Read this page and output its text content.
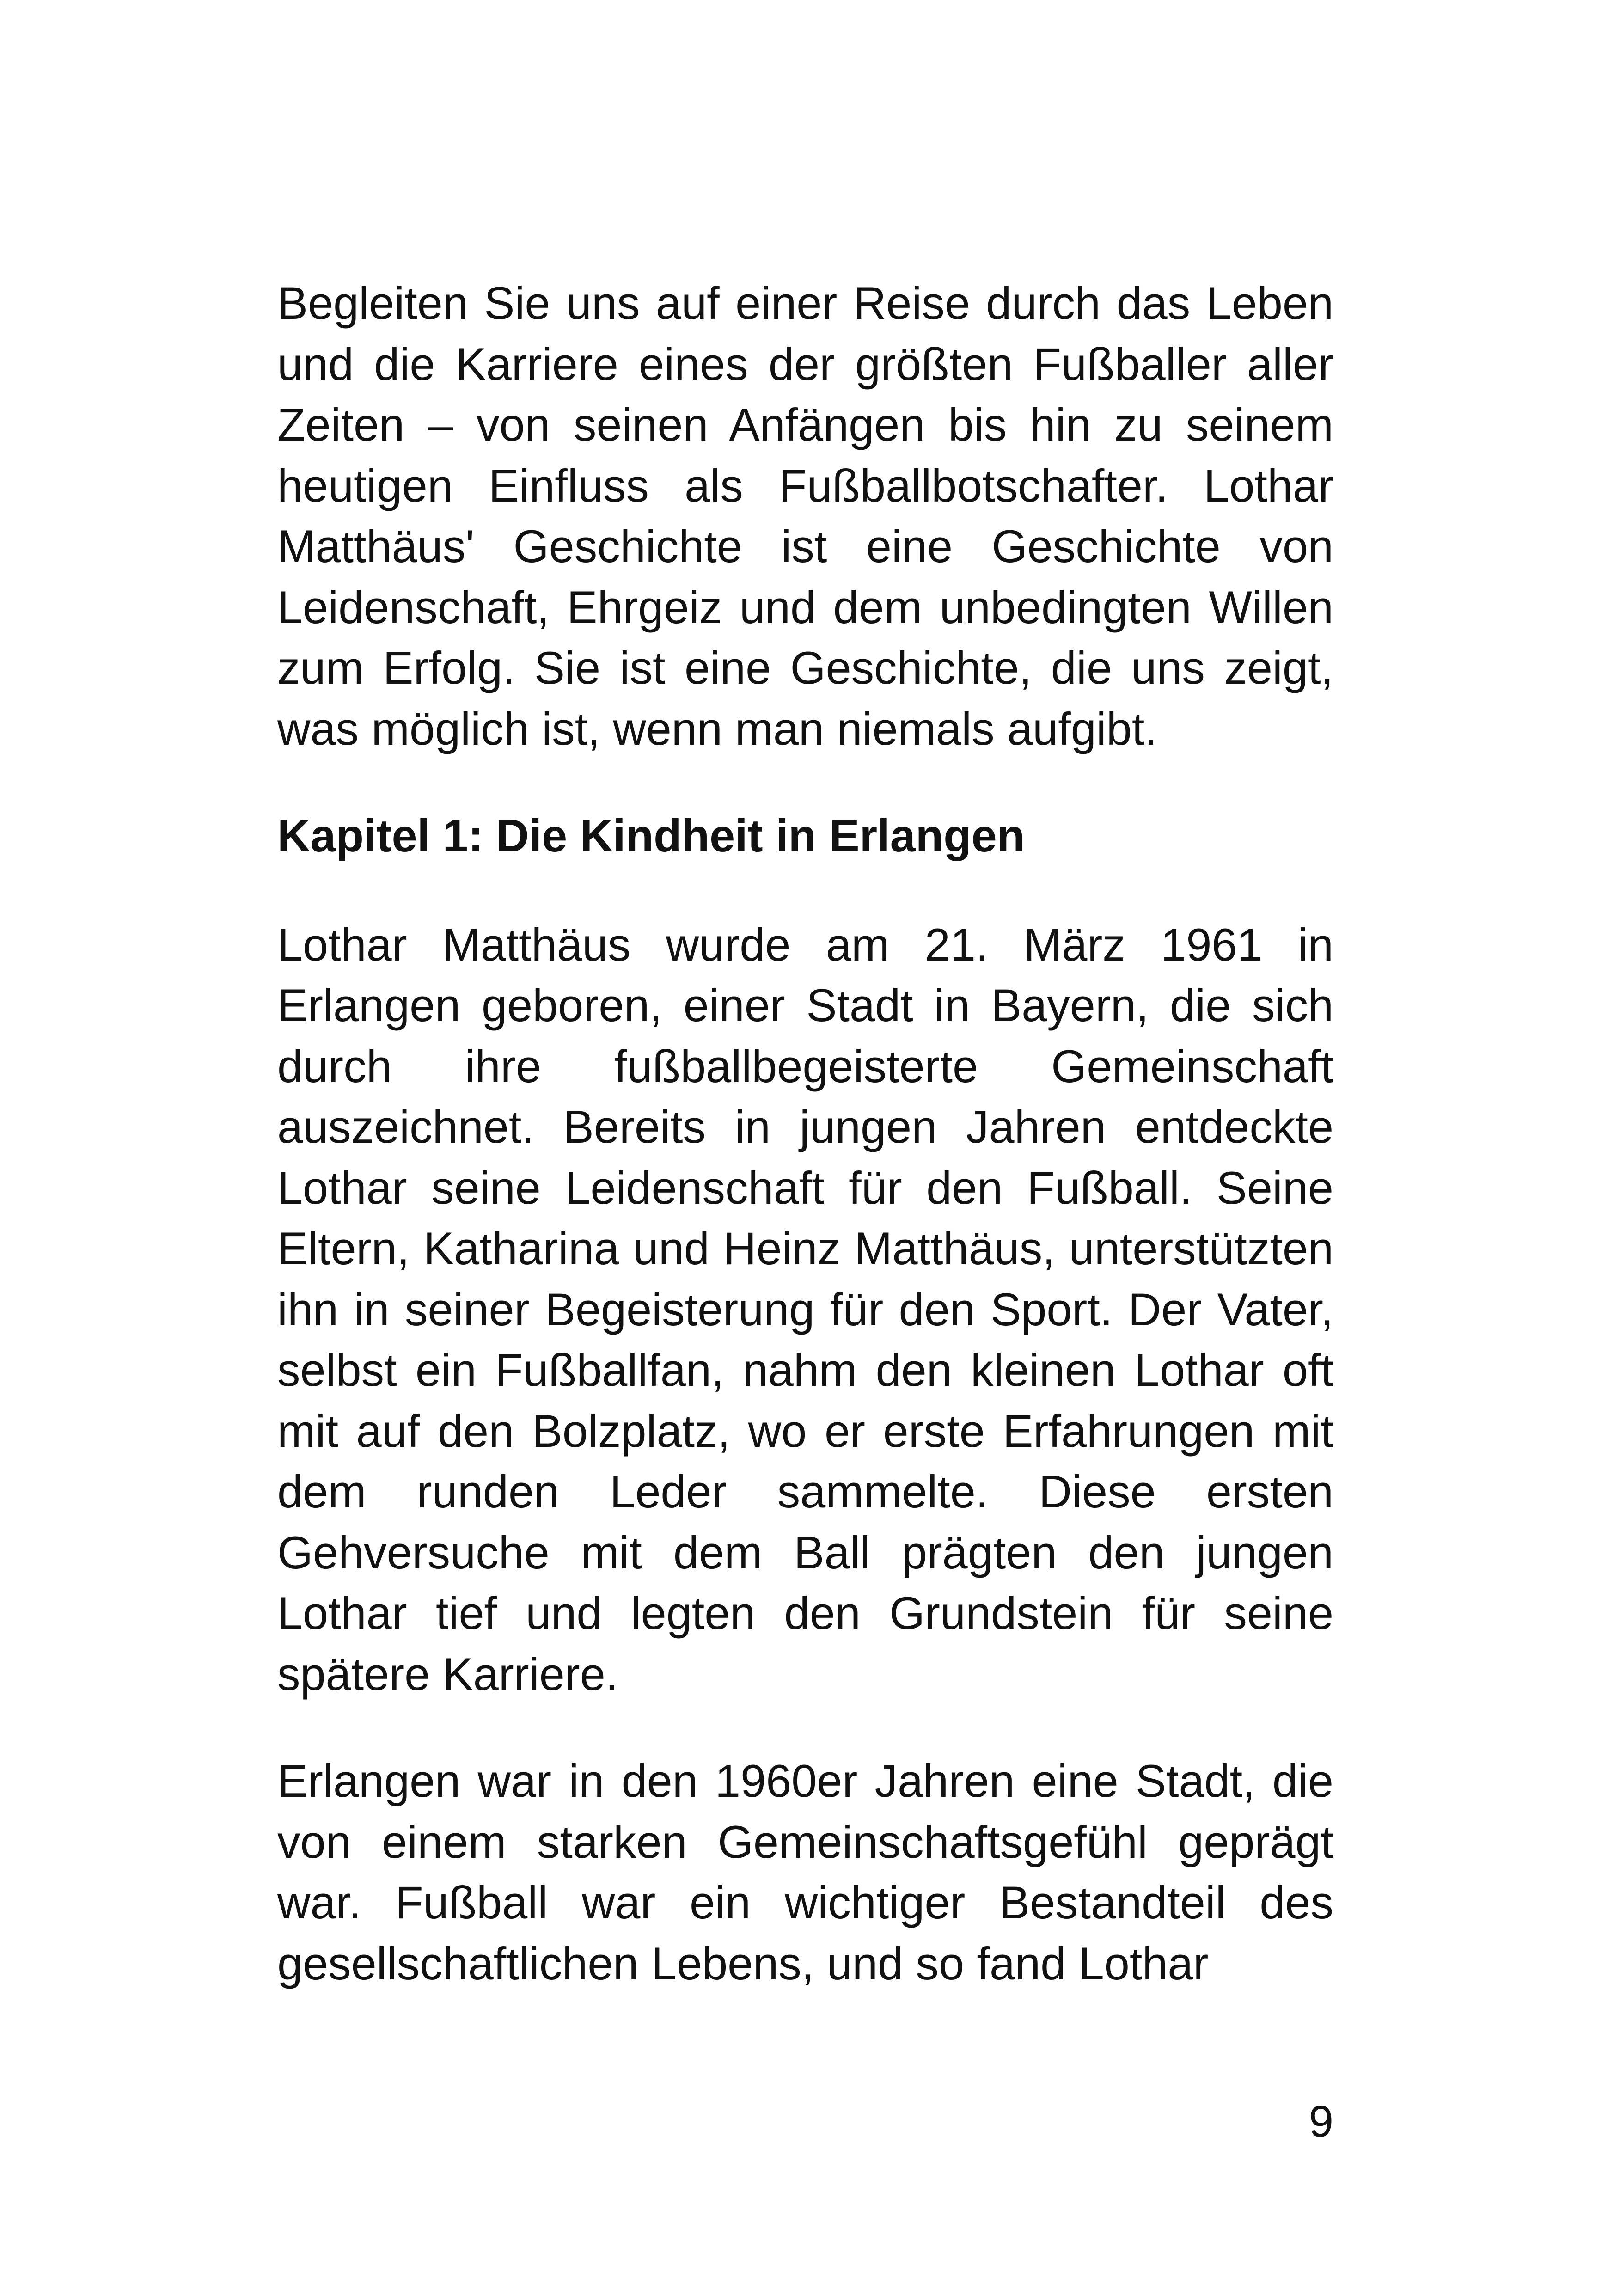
Begleiten Sie uns auf einer Reise durch das Leben und die Karriere eines der größten Fußballer aller Zeiten – von seinen Anfängen bis hin zu seinem heutigen Einfluss als Fußballbotschafter. Lothar Matthäus' Geschichte ist eine Geschichte von Leidenschaft, Ehrgeiz und dem unbedingten Willen zum Erfolg. Sie ist eine Geschichte, die uns zeigt, was möglich ist, wenn man niemals aufgibt.

Kapitel 1: Die Kindheit in Erlangen

Lothar Matthäus wurde am 21. März 1961 in Erlangen geboren, einer Stadt in Bayern, die sich durch ihre fußballbegeisterte Gemeinschaft auszeichnet. Bereits in jungen Jahren entdeckte Lothar seine Leidenschaft für den Fußball. Seine Eltern, Katharina und Heinz Matthäus, unterstützten ihn in seiner Begeisterung für den Sport. Der Vater, selbst ein Fußballfan, nahm den kleinen Lothar oft mit auf den Bolzplatz, wo er erste Erfahrungen mit dem runden Leder sammelte. Diese ersten Gehversuche mit dem Ball prägten den jungen Lothar tief und legten den Grundstein für seine spätere Karriere.

Erlangen war in den 1960er Jahren eine Stadt, die von einem starken Gemeinschaftsgefühl geprägt war. Fußball war ein wichtiger Bestandteil des gesellschaftlichen Lebens, und so fand Lothar

9
